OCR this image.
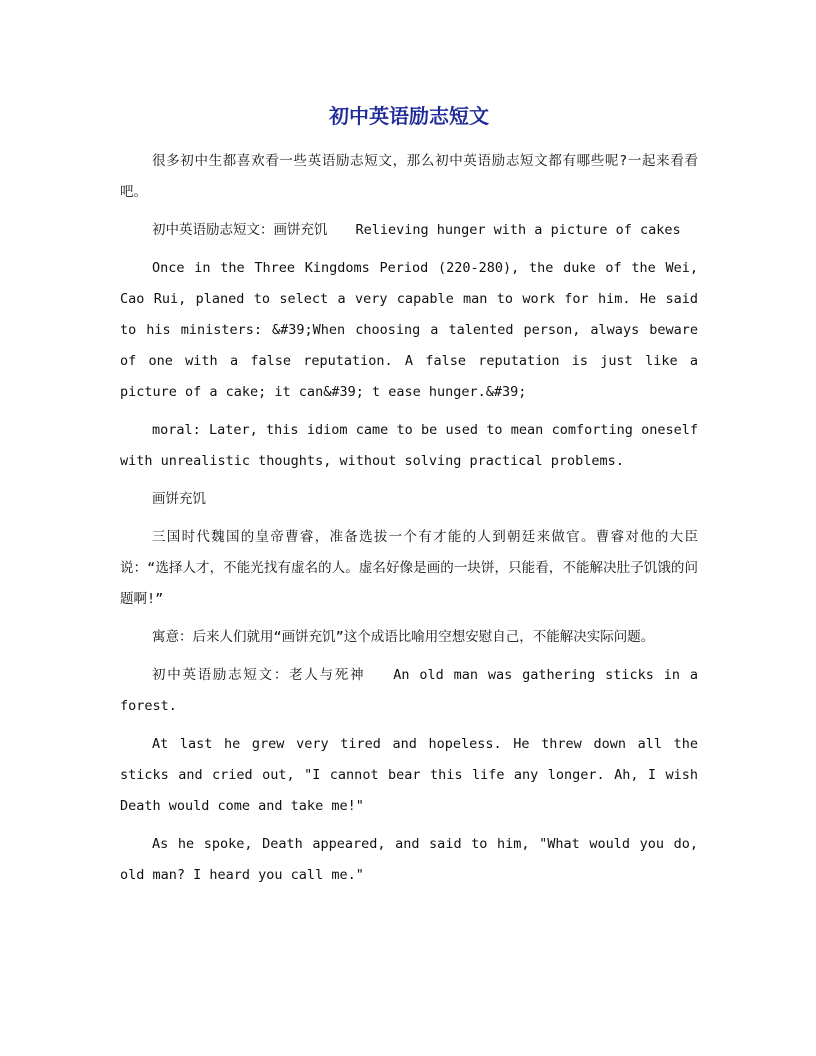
初中英语励志短文

很多初中生都喜欢看一些英语励志短文，那么初中英语励志短文都有哪些呢?一起来看看吧。

初中英语励志短文：画饼充饥 Relieving hunger with a picture of cakes

Once in the Three Kingdoms Period (220-280), the duke of the Wei, Cao Rui, planed to select a very capable man to work for him. He said to his ministers: &#39;When choosing a talented person, always beware of one with a false reputation. A false reputation is just like a picture of a cake; it can&#39; t ease hunger.&#39;

moral: Later, this idiom came to be used to mean comforting oneself with unrealistic thoughts, without solving practical problems.

画饼充饥

三国时代魏国的皇帝曹睿，准备选拔一个有才能的人到朝廷来做官。曹睿对他的大臣说：“选择人才，不能光找有虚名的人。虚名好像是画的一块饼，只能看，不能解决肚子饥饿的问题啊!”

寓意：后来人们就用“画饼充饥”这个成语比喻用空想安慰自己，不能解决实际问题。

初中英语励志短文：老人与死神 An old man was gathering sticks in a forest.

At last he grew very tired and hopeless. He threw down all the sticks and cried out, "I cannot bear this life any longer. Ah, I wish Death would come and take me!"

As he spoke, Death appeared, and said to him, "What would you do, old man? I heard you call me."
